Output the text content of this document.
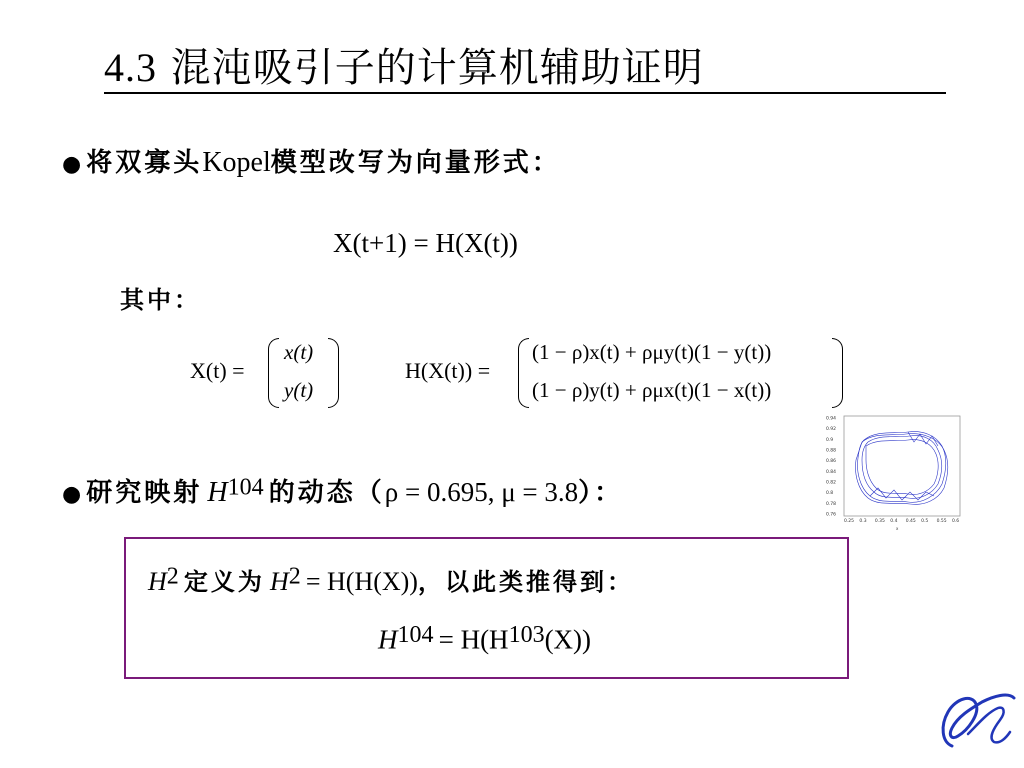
4.3 混沌吸引子的计算机辅助证明
● 将双寡头Kopel模型改写为向量形式：
X(t+1) = H(X(t))
其中：
X(t) =
x(t)
y(t)
H(X(t)) =
(1 − ρ)x(t) + ρμy(t)(1 − y(t))
(1 − ρ)y(t) + ρμx(t)(1 − x(t))
● 研究映射 $H^{104}$ 的动态（ρ = 0.695, μ = 3.8）：
0.94
0.92
0.9
0.88
0.86
0.84
0.82
0.8
0.78
0.76
0.25 0.3 0.35 0.4 0.45 0.5 0.55 0.6
x
$H^2$ 定义为 $H^2 = H(H(X))$，以此类推得到：
$H^{104} = H(H^{103}(X))$
